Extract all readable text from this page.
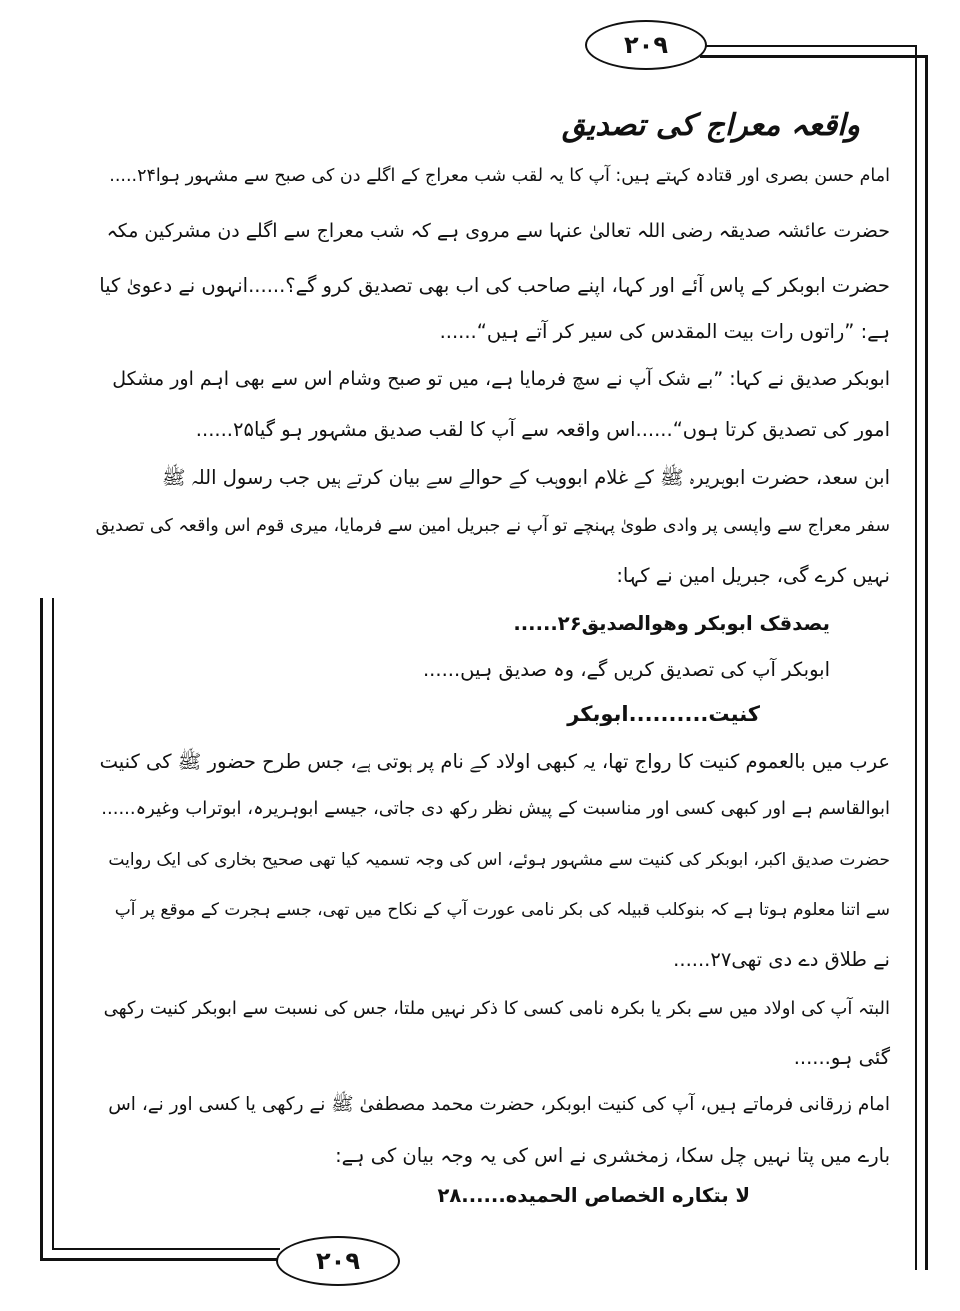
۲۰۹
۲۰۹
واقعہ معراج کی تصدیق
امام حسن بصری اور قتادہ کہتے ہیں: آپ کا یہ لقب شب معراج کے اگلے دن کی صبح سے مشہور ہوا۲۴.....
حضرت عائشہ صدیقہ رضی اللہ تعالیٰ عنہا سے مروی ہے کہ شب معراج سے اگلے دن مشرکین مکہ
حضرت ابوبکر کے پاس آئے اور کہا، اپنے صاحب کی اب بھی تصدیق کرو گے؟......انہوں نے دعویٰ کیا
ہے: ”راتوں رات بیت المقدس کی سیر کر آتے ہیں“......
ابوبکر صدیق نے کہا: ”بے شک آپ نے سچ فرمایا ہے، میں تو صبح وشام اس سے بھی اہم اور مشکل
امور کی تصدیق کرتا ہوں“......اس واقعہ سے آپ کا لقب صدیق مشہور ہو گیا۲۵......
ابن سعد، حضرت ابوہریرہ ﷺ کے غلام ابووہب کے حوالے سے بیان کرتے ہیں جب رسول اللہ ﷺ
سفر معراج سے واپسی پر وادی طویٰ پہنچے تو آپ نے جبریل امین سے فرمایا، میری قوم اس واقعہ کی تصدیق
نہیں کرے گی، جبریل امین نے کہا:
یصدقک ابوبکر وھوالصدیق۲۶......
ابوبکر آپ کی تصدیق کریں گے، وہ صدیق ہیں......
کنیت..........ابوبکر
عرب میں بالعموم کنیت کا رواج تھا، یہ کبھی اولاد کے نام پر ہوتی ہے، جس طرح حضور ﷺ کی کنیت
ابوالقاسم ہے اور کبھی کسی اور مناسبت کے پیش نظر رکھ دی جاتی، جیسے ابوہریرہ، ابوتراب وغیرہ......
حضرت صدیق اکبر، ابوبکر کی کنیت سے مشہور ہوئے، اس کی وجہ تسمیہ کیا تھی صحیح بخاری کی ایک روایت
سے اتنا معلوم ہوتا ہے کہ بنوکلب قبیلہ کی بکر نامی عورت آپ کے نکاح میں تھی، جسے ہجرت کے موقع پر آپ
نے طلاق دے دی تھی۲۷......
البتہ آپ کی اولاد میں سے بکر یا بکرہ نامی کسی کا ذکر نہیں ملتا، جس کی نسبت سے ابوبکر کنیت رکھی
گئی ہو......
امام زرقانی فرماتے ہیں، آپ کی کنیت ابوبکر، حضرت محمد مصطفیٰ ﷺ نے رکھی یا کسی اور نے، اس
بارے میں پتا نہیں چل سکا، زمخشری نے اس کی یہ وجہ بیان کی ہے:
لا بتكاره الخصاص الحميده......۲۸
